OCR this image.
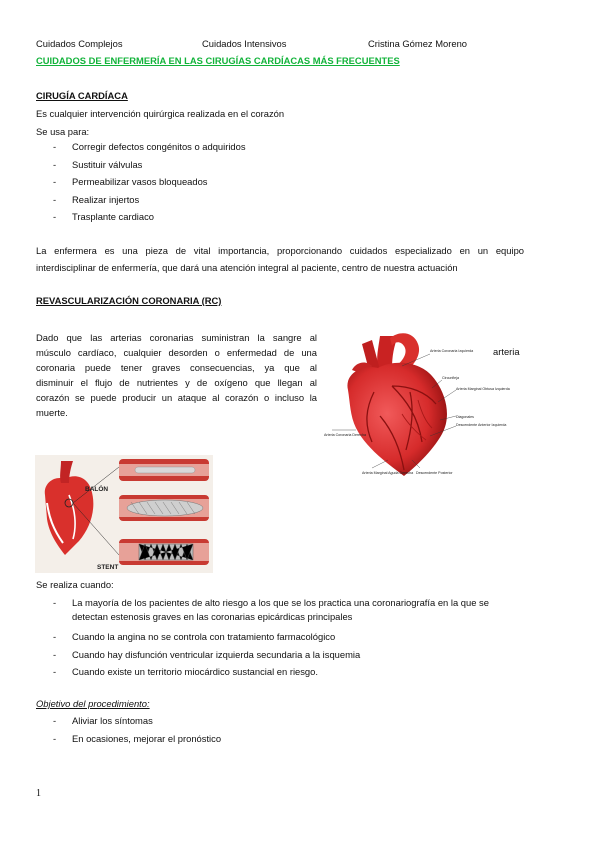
Cuidados Complejos	Cuidados Intensivos	Cristina Gómez Moreno
CUIDADOS DE ENFERMERÍA EN LAS CIRUGÍAS CARDÍACAS MÁS FRECUENTES
CIRUGÍA CARDÍACA
Es cualquier intervención quirúrgica realizada en el corazón
Se usa para:
- Corregir defectos congénitos o adquiridos
- Sustituir válvulas
- Permeabilizar vasos bloqueados
- Realizar injertos
- Trasplante cardiaco
La enfermera es una pieza de vital importancia, proporcionando cuidados especializado en un equipo
interdisciplinar de enfermería, que dará una atención integral al paciente, centro de nuestra actuación
REVASCULARIZACIÓN CORONARIA (RC)
Dado que las arterias coronarias suministran la sangre al
músculo cardíaco, cualquier desorden o enfermedad de una
coronaria puede tener graves consecuencias, ya que al
disminuir el flujo de nutrientes y de oxígeno que llegan al
corazón se puede producir un ataque al corazón o incluso la
muerte.
arteria
Arteria Coronaria Izquierda
Circunfleja
Arteria Marginal Obtusa Izquierda
Diagonales
Descendente Anterior Izquierda
Arteria Coronaria Derecha
Arteria Marginal Aguda Derecha Descendente Posterior
BALÓN
STENT
Se realiza cuando:
- La mayoría de los pacientes de alto riesgo a los que se los practica una coronariografía en la que se
detectan estenosis graves en las coronarias epicárdicas principales
- Cuando la angina no se controla con tratamiento farmacológico
- Cuando hay disfunción ventricular izquierda secundaria a la isquemia
- Cuando existe un territorio miocárdico sustancial en riesgo.
Objetivo del procedimiento:
- Aliviar los síntomas
- En ocasiones, mejorar el pronóstico
1
